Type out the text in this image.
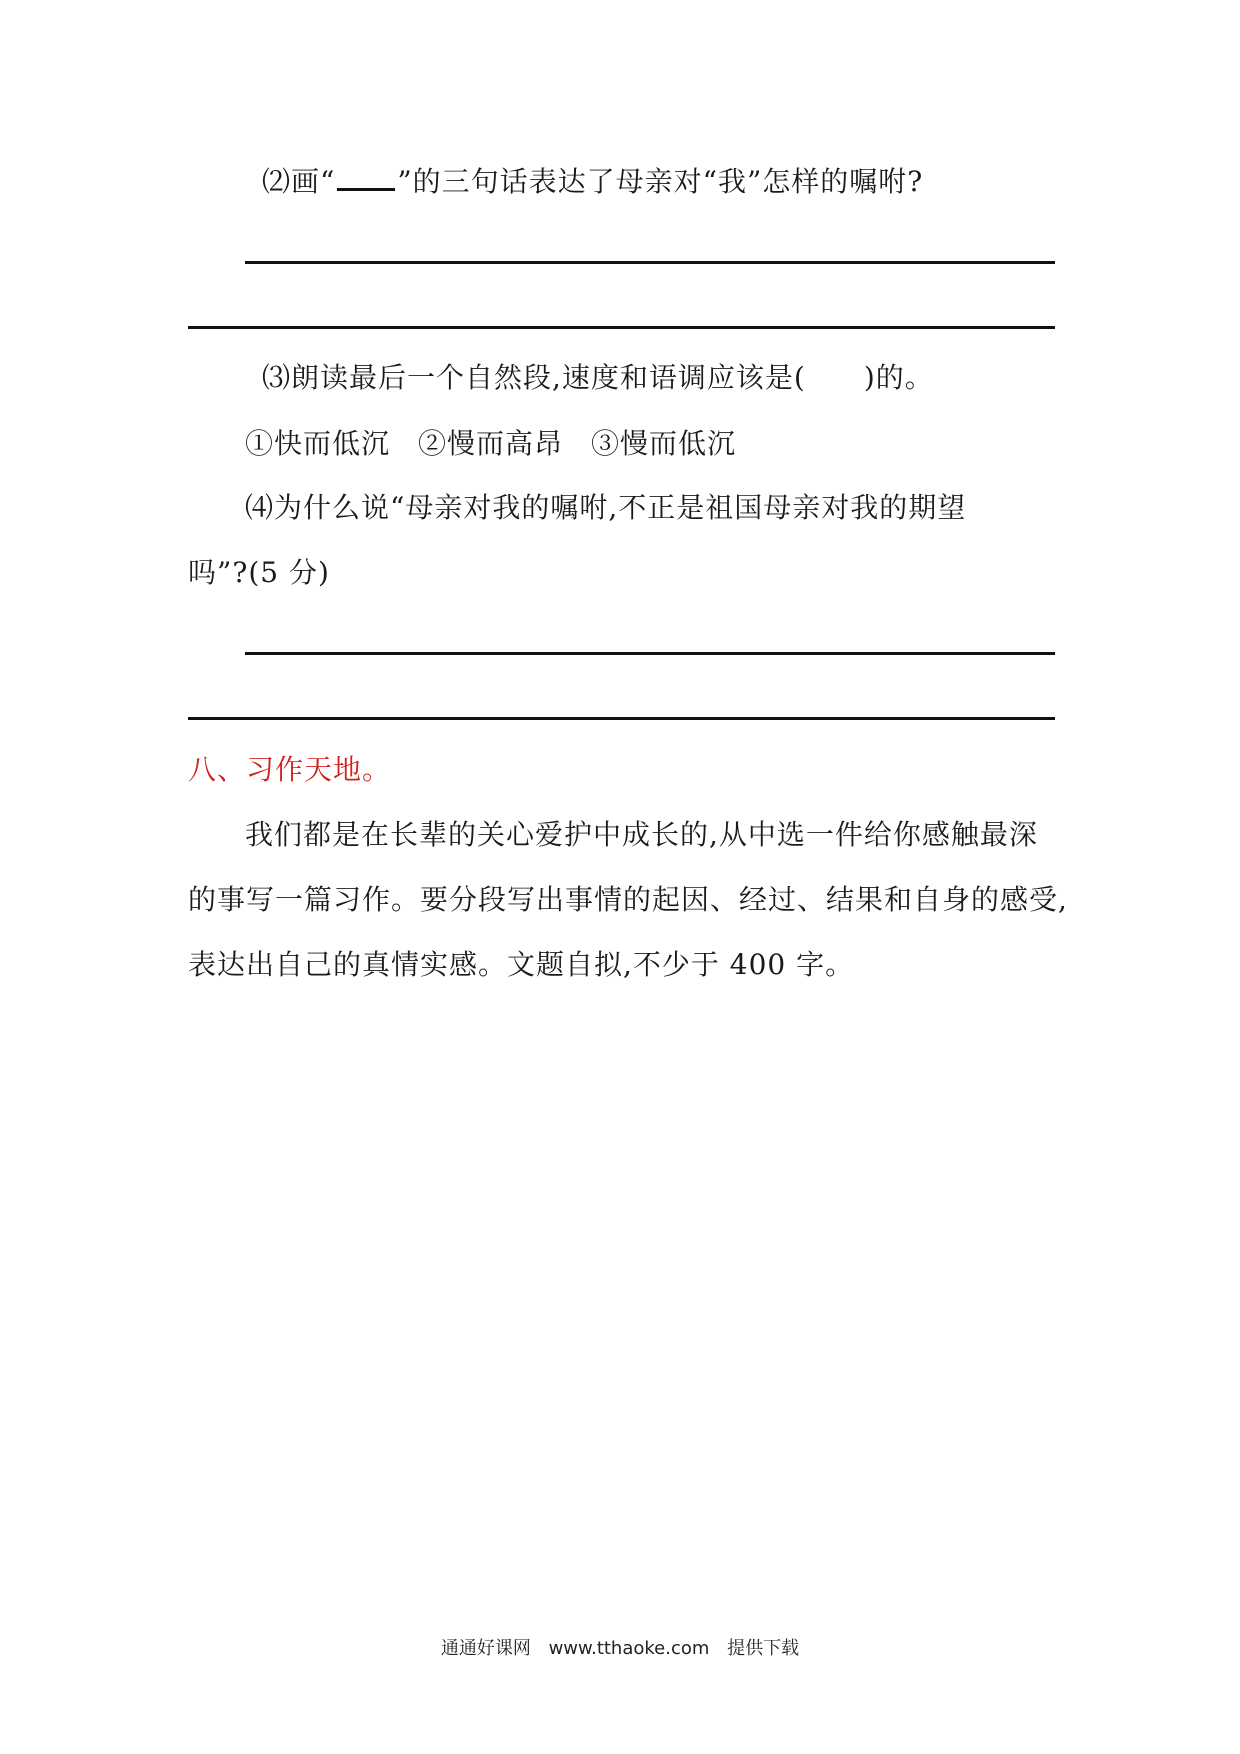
⑵画“ ”的三句话表达了母亲对“我”怎样的嘱咐?
⑶朗读最后一个自然段,速度和语调应该是( )的。
①快而低沉 ②慢而高昂 ③慢而低沉
⑷为什么说“母亲对我的嘱咐,不正是祖国母亲对我的期望
吗”?(5 分)
八、习作天地。
我们都是在长辈的关心爱护中成长的,从中选一件给你感触最深
的事写一篇习作。要分段写出事情的起因、经过、结果和自身的感受,
表达出自己的真情实感。文题自拟,不少于 400 字。
通通好课网 www.tthaoke.com 提供下载
